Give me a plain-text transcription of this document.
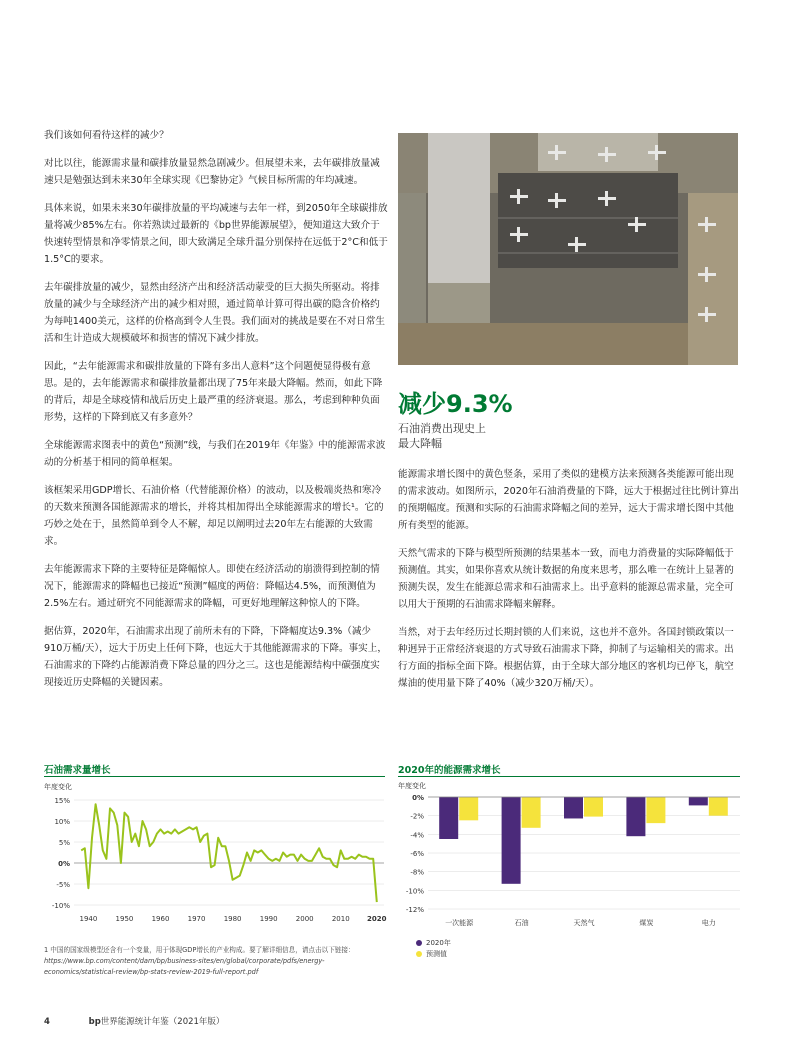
我们该如何看待这样的减少？

对比以往，能源需求量和碳排放量显然急剧减少。但展望未来，去年碳排放量减速只是勉强达到未来30年全球实现《巴黎协定》气候目标所需的年均减速。

具体来说，如果未来30年碳排放量的平均减速与去年一样，到2050年全球碳排放量将减少85%左右。你若熟读过最新的《bp世界能源展望》，便知道这大致介于快速转型情景和净零情景之间，即大致满足全球升温分别保持在远低于2°C和低于1.5°C的要求。

去年碳排放量的减少，显然由经济产出和经济活动蒙受的巨大损失所驱动。将排放量的减少与全球经济产出的减少相对照，通过简单计算可得出碳的隐含价格约为每吨1400美元，这样的价格高到令人生畏。我们面对的挑战是要在不对日常生活和生计造成大规模破坏和损害的情况下减少排放。

因此，“去年能源需求和碳排放量的下降有多出人意料”这个问题便显得极有意思。是的，去年能源需求和碳排放量都出现了75年来最大降幅。然而，如此下降的背后，却是全球疫情和战后历史上最严重的经济衰退。那么，考虑到种种负面形势，这样的下降到底又有多意外？

全球能源需求图表中的黄色“预测”线，与我们在2019年《年鉴》中的能源需求波动的分析基于相同的简单框架。

该框架采用GDP增长、石油价格（代替能源价格）的波动，以及极端炎热和寒冷的天数来预测各国能源需求的增长，并将其相加得出全球能源需求的增长¹。它的巧妙之处在于，虽然简单到令人不解，却足以阐明过去20年左右能源的大致需求。

去年能源需求下降的主要特征是降幅惊人。即使在经济活动的崩溃得到控制的情况下，能源需求的降幅也已接近“预测”幅度的两倍：降幅达4.5%，而预测值为2.5%左右。通过研究不同能源需求的降幅，可更好地理解这种惊人的下降。

据估算，2020年，石油需求出现了前所未有的下降，下降幅度达9.3%（减少910万桶/天），远大于历史上任何下降，也远大于其他能源需求的下降。事实上，石油需求的下降约占能源消费下降总量的四分之三。这也是能源结构中碳强度实现接近历史降幅的关键因素。

减少9.3%

石油消费出现史上

最大降幅

能源需求增长图中的黄色竖条，采用了类似的建模方法来预测各类能源可能出现的需求波动。如图所示，2020年石油消费量的下降，远大于根据过往比例计算出的预期幅度。预测和实际的石油需求降幅之间的差异，远大于需求增长图中其他所有类型的能源。

天然气需求的下降与模型所预测的结果基本一致，而电力消费量的实际降幅低于预测值。其实，如果你喜欢从统计数据的角度来思考，那么唯一在统计上显著的预测失误，发生在能源总需求和石油需求上。出乎意料的能源总需求量，完全可以用大于预期的石油需求降幅来解释。

当然，对于去年经历过长期封锁的人们来说，这也并不意外。各国封锁政策以一种迥异于正常经济衰退的方式导致石油需求下降，抑制了与运输相关的需求。出行方面的指标全面下降。根据估算，由于全球大部分地区的客机均已停飞，航空煤油的使用量下降了40%（减少320万桶/天）。

石油需求量增长

年度变化

15%
10%
5%
0%
-5%
-10%
1940	1950	1960	1970	1980	1990	2000	2010 2020

2020年的能源需求增长

年度变化

0%
-2%
-4%
-6%
-8%
-10%
-12%
一次能源	石油	天然气	煤炭	电力
2020年
预测值
1 中国的国家级模型还含有一个变量，用于体现GDP增长的产业构成。要了解详细信息，请点击以下链接：https://www.bp.com/content/dam/bp/business-sites/en/global/corporate/pdfs/energy-economics/statistical-review/bp-stats-review-2019-full-report.pdf
4	bp世界能源统计年鉴（2021年版）
